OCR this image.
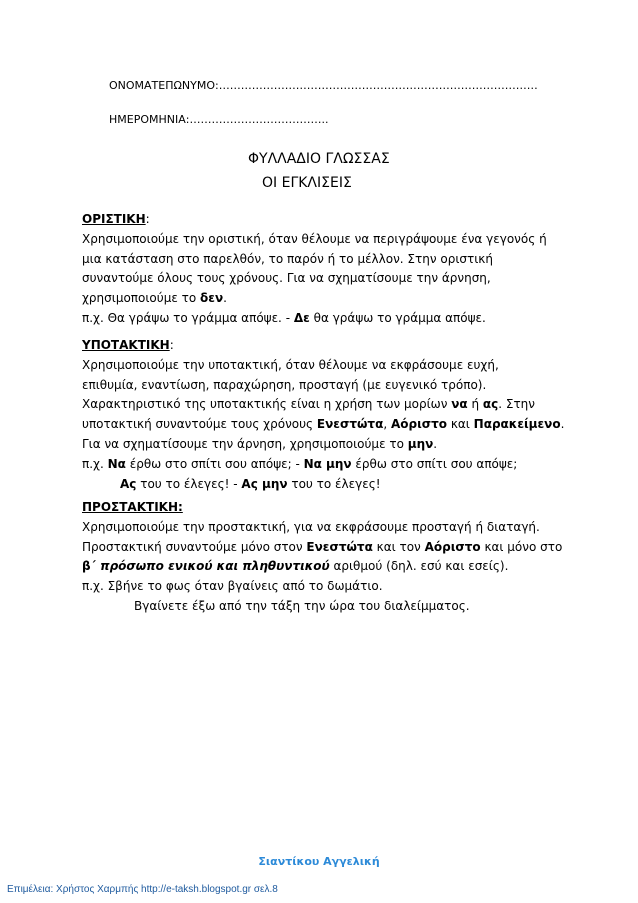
ΟΝΟΜΑΤΕΠΩΝΥΜΟ:……………………………………………………………………………
ΗΜΕΡΟΜΗΝΙΑ:………………………………..
ΦΥΛΛΑΔΙΟ ΓΛΩΣΣΑΣ
ΟΙ ΕΓΚΛΙΣΕΙΣ
ΟΡΙΣΤΙΚΗ:
Χρησιμοποιούμε την οριστική, όταν θέλουμε να περιγράψουμε ένα γεγονός ή
μια κατάσταση στο παρελθόν, το παρόν ή το μέλλον. Στην οριστική
συναντούμε όλους τους χρόνους. Για να σχηματίσουμε την άρνηση,
χρησιμοποιούμε το δεν.
π.χ. Θα γράψω το γράμμα απόψε. - Δε θα γράψω το γράμμα απόψε.
ΥΠΟΤΑΚΤΙΚΗ:
Χρησιμοποιούμε την υποτακτική, όταν θέλουμε να εκφράσουμε ευχή,
επιθυμία, εναντίωση, παραχώρηση, προσταγή (με ευγενικό τρόπο).
Χαρακτηριστικό της υποτακτικής είναι η χρήση των μορίων να ή ας. Στην
υποτακτική συναντούμε τους χρόνους Ενεστώτα, Αόριστο και Παρακείμενο.
Για να σχηματίσουμε την άρνηση, χρησιμοποιούμε το μην.
π.χ. Να έρθω στο σπίτι σου απόψε; - Να μην έρθω στο σπίτι σου απόψε;
Ας του το έλεγες! - Ας μην του το έλεγες!
ΠΡΟΣΤΑΚΤΙΚΗ:
Χρησιμοποιούμε την προστακτική, για να εκφράσουμε προσταγή ή διαταγή.
Προστακτική συναντούμε μόνο στον Ενεστώτα και τον Αόριστο και μόνο στο
β΄ πρόσωπο ενικού και πληθυντικού αριθμού (δηλ. εσύ και εσείς).
π.χ. Σβήνε το φως όταν βγαίνεις από το δωμάτιο.
Βγαίνετε έξω από την τάξη την ώρα του διαλείμματος.
Σιαντίκου Αγγελική
Επιμέλεια: Χρήστος Χαρμπής http://e-taksh.blogspot.gr σελ.8
